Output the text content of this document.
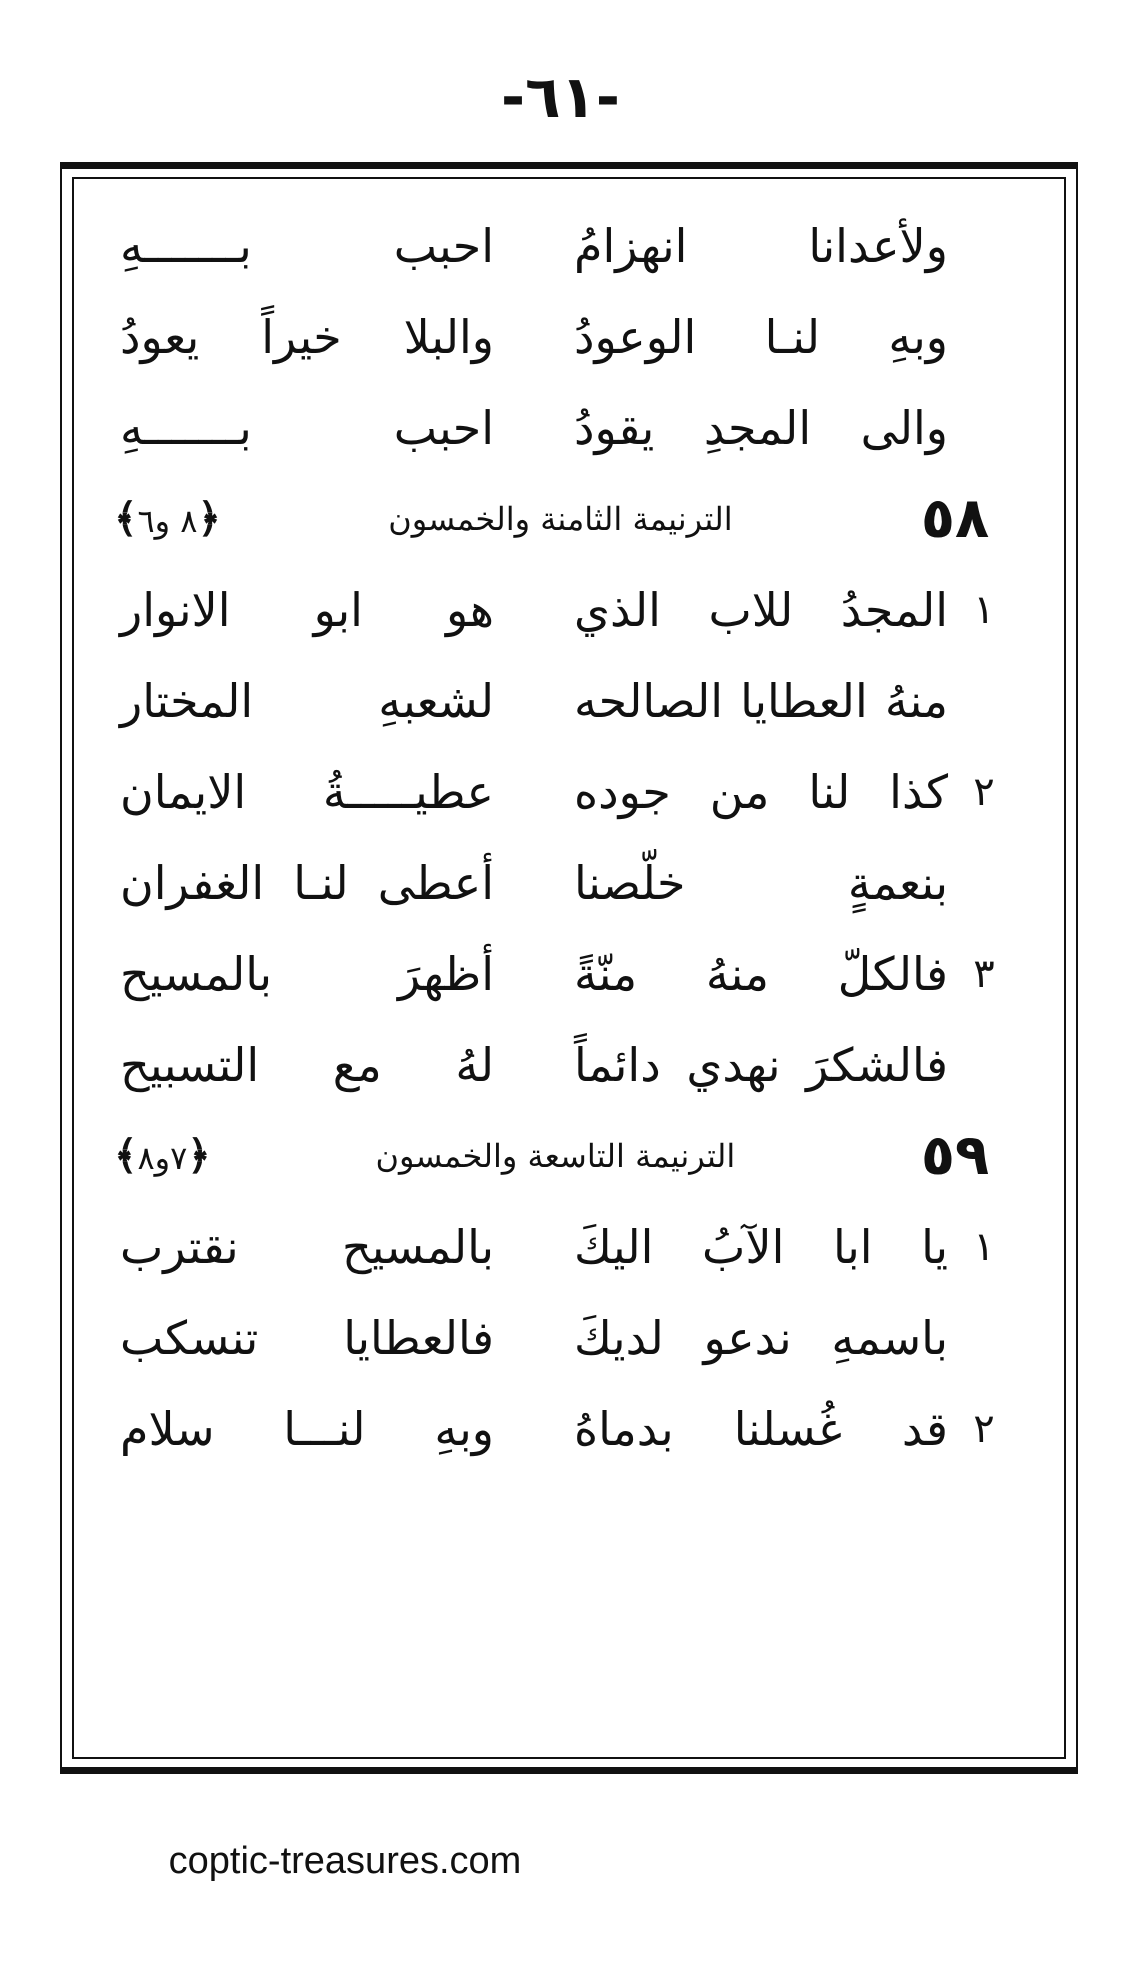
-٦١-
ولأعدانا
انهزامُ
احبب
بـــــــهِ
وبهِ
لنـا
الوعودُ
والبلا
خيراً
يعودُ
والى
المجدِ
يقودُ
احبب
بـــــــهِ
٥٨
الترنيمة الثامنة والخمسون
﴿٨ و٦﴾
١
المجدُ
للاب
الذي
هو
ابو
الانوار
منهُ
العطايا
الصالحه
لشعبهِ
المختار
٢
كذا
لنا
من
جوده
عطيـــــةُ
الايمان
بنعمةٍ
خلّصنا
أعطى
لنـا
الغفران
٣
فالكلّ
منهُ
منّةً
أظهرَ
بالمسيح
فالشكرَ
نهدي
دائماً
لهُ
مع
التسبيح
٥٩
الترنيمة التاسعة والخمسون
﴿٧و٨﴾
١
يا
ابا
الآبُ
اليكَ
بالمسيح
نقترب
باسمهِ
ندعو
لديكَ
فالعطايا
تنسكب
٢
قد
غُسلنا
بدماهُ
وبهِ
لنـــا
سلام
coptic-treasures.com
